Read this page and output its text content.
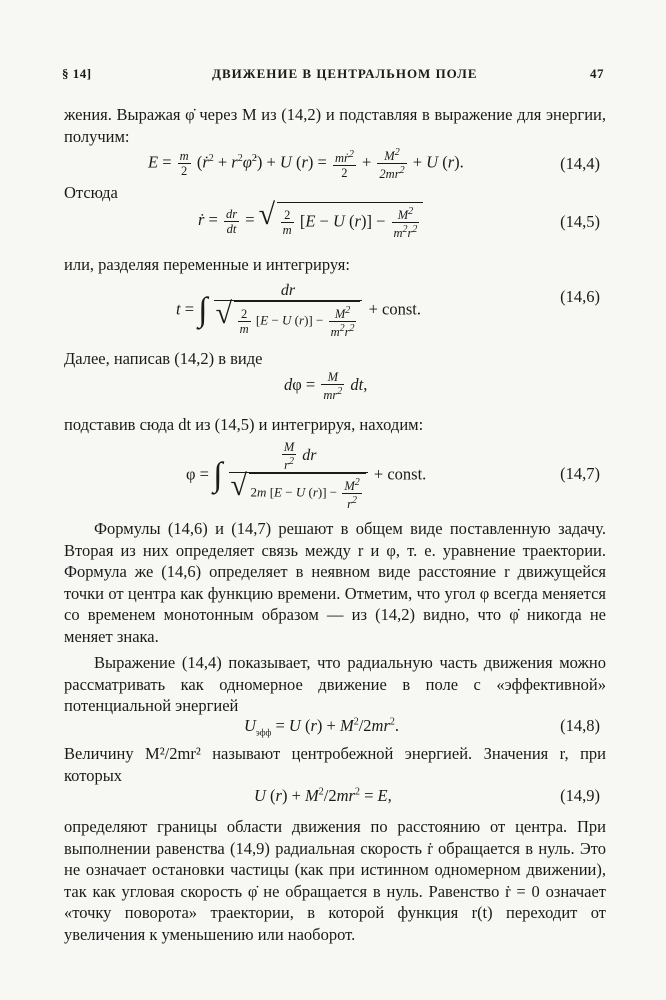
§ 14]	ДВИЖЕНИЕ В ЦЕНТРАЛЬНОМ ПОЛЕ	47

жения. Выражая φ̇ через M из (14,2) и подставляя в выражение для энергии, получим:

$E = \frac{m}{2}$ (ṙ$^2$ + $r^2\varphi̇^2) + U$ $(r) = \frac{mṙ^2}{2} + \frac{M^2}{2mr^2} + U$ (r).	(14,4)

Отсюда

ṙ = $\frac{dr}{dt}$ = √ $\frac{2}{m} [E - U$ $(r)] - \frac{M^2}{m^2r^2}$	(14,5)

или, разделяя переменные и интегрируя:

t = ∫ $\frac{dr}{√ \frac{2}{m} [E - U (r)] - \frac{M^2}{m^2r^2}}$ + const.
(14,6)

Далее, написав (14,2) в виде

$d\varphi = \frac{M}{mr^2}$ dt,

подставив сюда dt из (14,5) и интегрируя, находим:

φ = ∫ $\frac{\frac{M}{r^2} dr}{√ 2m [E - U (r)] - \frac{M^2}{r^2}}$ + const.	(14,7)

Формулы (14,6) и (14,7) решают в общем виде поставленную задачу. Вторая из них определяет связь между r и φ, т. е. уравнение траектории. Формула же (14,6) определяет в неявном виде расстояние r движущейся точки от центра как функцию времени. Отметим, что угол φ всегда меняется со временем монотонным образом — из (14,2) видно, что φ̇ никогда не меняет знака.

Выражение (14,4) показывает, что радиальную часть движения можно рассматривать как одномерное движение в поле с «эффективной» потенциальной энергией

$U_{эфф} = U$ $(r) + M^2/2mr^2$.	(14,8)

Величину M²/2mr² называют центробежной энергией. Значения r, при которых

U $(r) + M^2/2mr^2 = E$,	(14,9)

определяют границы области движения по расстоянию от центра. При выполнении равенства (14,9) радиальная скорость ṙ обращается в нуль. Это не означает остановки частицы (как при истинном одномерном движении), так как угловая скорость φ̇ не обращается в нуль. Равенство ṙ = 0 означает «точку поворота» траектории, в которой функция r(t) переходит от увеличения к уменьшению или наоборот.
